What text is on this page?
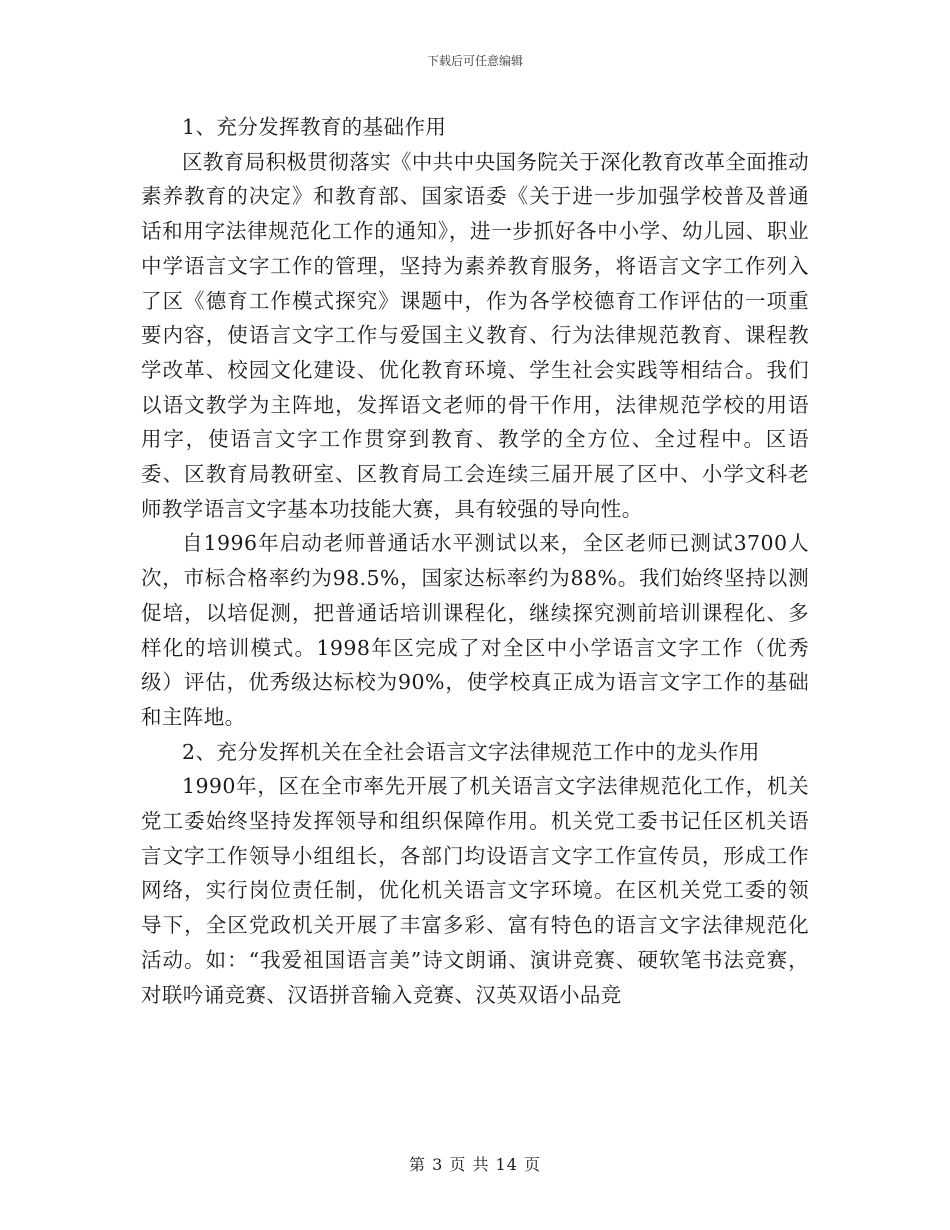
下载后可任意编辑

1、充分发挥教育的基础作用

区教育局积极贯彻落实《中共中央国务院关于深化教育改革全面推动素养教育的决定》和教育部、国家语委《关于进一步加强学校普及普通话和用字法律规范化工作的通知》，进一步抓好各中小学、幼儿园、职业中学语言文字工作的管理，坚持为素养教育服务，将语言文字工作列入了区《德育工作模式探究》课题中，作为各学校德育工作评估的一项重要内容，使语言文字工作与爱国主义教育、行为法律规范教育、课程教学改革、校园文化建设、优化教育环境、学生社会实践等相结合。我们以语文教学为主阵地，发挥语文老师的骨干作用，法律规范学校的用语用字，使语言文字工作贯穿到教育、教学的全方位、全过程中。区语委、区教育局教研室、区教育局工会连续三届开展了区中、小学文科老师教学语言文字基本功技能大赛，具有较强的导向性。

自1996年启动老师普通话水平测试以来，全区老师已测试3700人次，市标合格率约为98.5%，国家达标率约为88%。我们始终坚持以测促培，以培促测，把普通话培训课程化，继续探究测前培训课程化、多样化的培训模式。1998年区完成了对全区中小学语言文字工作（优秀级）评估，优秀级达标校为90%，使学校真正成为语言文字工作的基础和主阵地。

2、充分发挥机关在全社会语言文字法律规范工作中的龙头作用

1990年，区在全市率先开展了机关语言文字法律规范化工作，机关党工委始终坚持发挥领导和组织保障作用。机关党工委书记任区机关语言文字工作领导小组组长，各部门均设语言文字工作宣传员，形成工作网络，实行岗位责任制，优化机关语言文字环境。在区机关党工委的领导下，全区党政机关开展了丰富多彩、富有特色的语言文字法律规范化活动。如：“我爱祖国语言美”诗文朗诵、演讲竞赛、硬软笔书法竞赛，对联吟诵竞赛、汉语拼音输入竞赛、汉英双语小品竞

第 3 页 共 14 页
